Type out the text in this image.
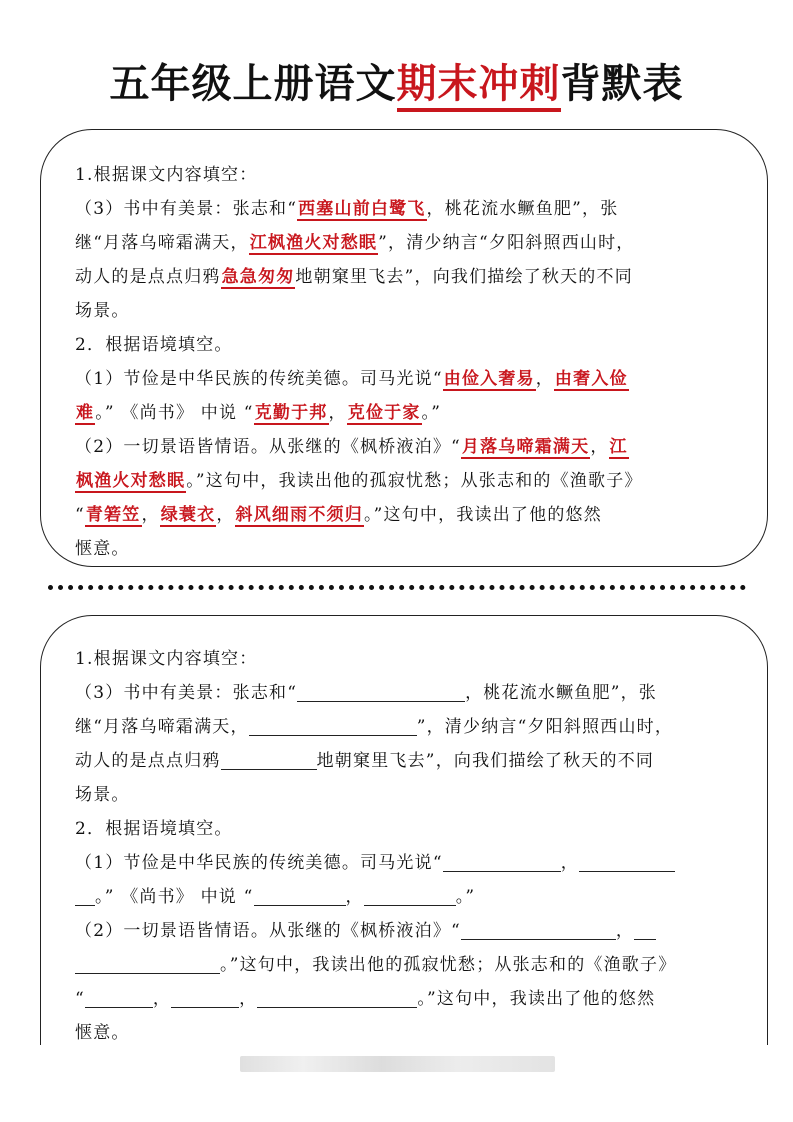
五年级上册语文期末冲刺背默表
1.根据课文内容填空：
（3）书中有美景：张志和“西塞山前白鹭飞，桃花流水鳜鱼肥”，张
继“月落乌啼霜满天，江枫渔火对愁眠”，清少纳言“夕阳斜照西山时，
动人的是点点归鸦急急匆匆地朝窠里飞去”，向我们描绘了秋天的不同
场景。
2．根据语境填空。
（1）节俭是中华民族的传统美德。司马光说“由俭入奢易，由奢入俭
难。” 《尚书》 中说 “克勤于邦，克俭于家。”
（2）一切景语皆情语。从张继的《枫桥液泊》“月落乌啼霜满天，江
枫渔火对愁眠。”这句中，我读出他的孤寂忧愁；从张志和的《渔歌子》
“青箬笠，绿蓑衣，斜风细雨不须归。”这句中，我读出了他的悠然
惬意。
1.根据课文内容填空：
（3）书中有美景：张志和“	，桃花流水鳜鱼肥”，张
继“月落乌啼霜满天，	”，清少纳言“夕阳斜照西山时，
动人的是点点归鸦	地朝窠里飞去”，向我们描绘了秋天的不同
场景。
2．根据语境填空。
（1）节俭是中华民族的传统美德。司马光说“	，
。” 《尚书》 中说 “	，	。”
（2）一切景语皆情语。从张继的《枫桥液泊》“	，
。”这句中，我读出他的孤寂忧愁；从张志和的《渔歌子》
“	，	，	。”这句中，我读出了他的悠然
惬意。
